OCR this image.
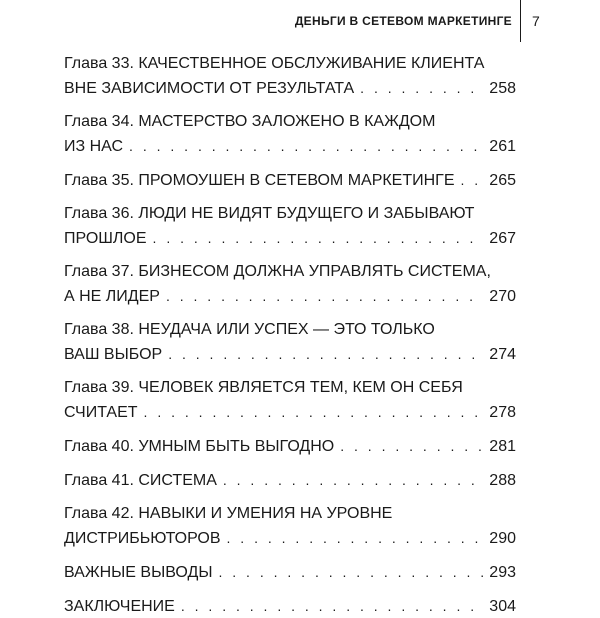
ДЕНЬГИ В СЕТЕВОМ МАРКЕТИНГЕ 7
Глава 33. КАЧЕСТВЕННОЕ ОБСЛУЖИВАНИЕ КЛИЕНТА
ВНЕ ЗАВИСИМОСТИ ОТ РЕЗУЛЬТАТА . . .	258
Глава 34. МАСТЕРСТВО ЗАЛОЖЕНО В КАЖДОМ
ИЗ НАС . . .	261
Глава 35. ПРОМОУШЕН В СЕТЕВОМ МАРКЕТИНГЕ . . . 265
Глава 36. ЛЮДИ НЕ ВИДЯТ БУДУЩЕГО И ЗАБЫВАЮТ
ПРОШЛОЕ . . .	267
Глава 37. БИЗНЕСОМ ДОЛЖНА УПРАВЛЯТЬ СИСТЕМА,
А НЕ ЛИДЕР . . .	270
Глава 38. НЕУДАЧА ИЛИ УСПЕХ — ЭТО ТОЛЬКО
ВАШ ВЫБОР . . .	274
Глава 39. ЧЕЛОВЕК ЯВЛЯЕТСЯ ТЕМ, КЕМ ОН СЕБЯ
СЧИТАЕТ . . .	278
Глава 40. УМНЫМ БЫТЬ ВЫГОДНО . . .	281
Глава 41. СИСТЕМА . . .	288
Глава 42. НАВЫКИ И УМЕНИЯ НА УРОВНЕ
ДИСТРИБЬЮТОРОВ . . .	290
ВАЖНЫЕ ВЫВОДЫ . . .	293
ЗАКЛЮЧЕНИЕ . . .	304
